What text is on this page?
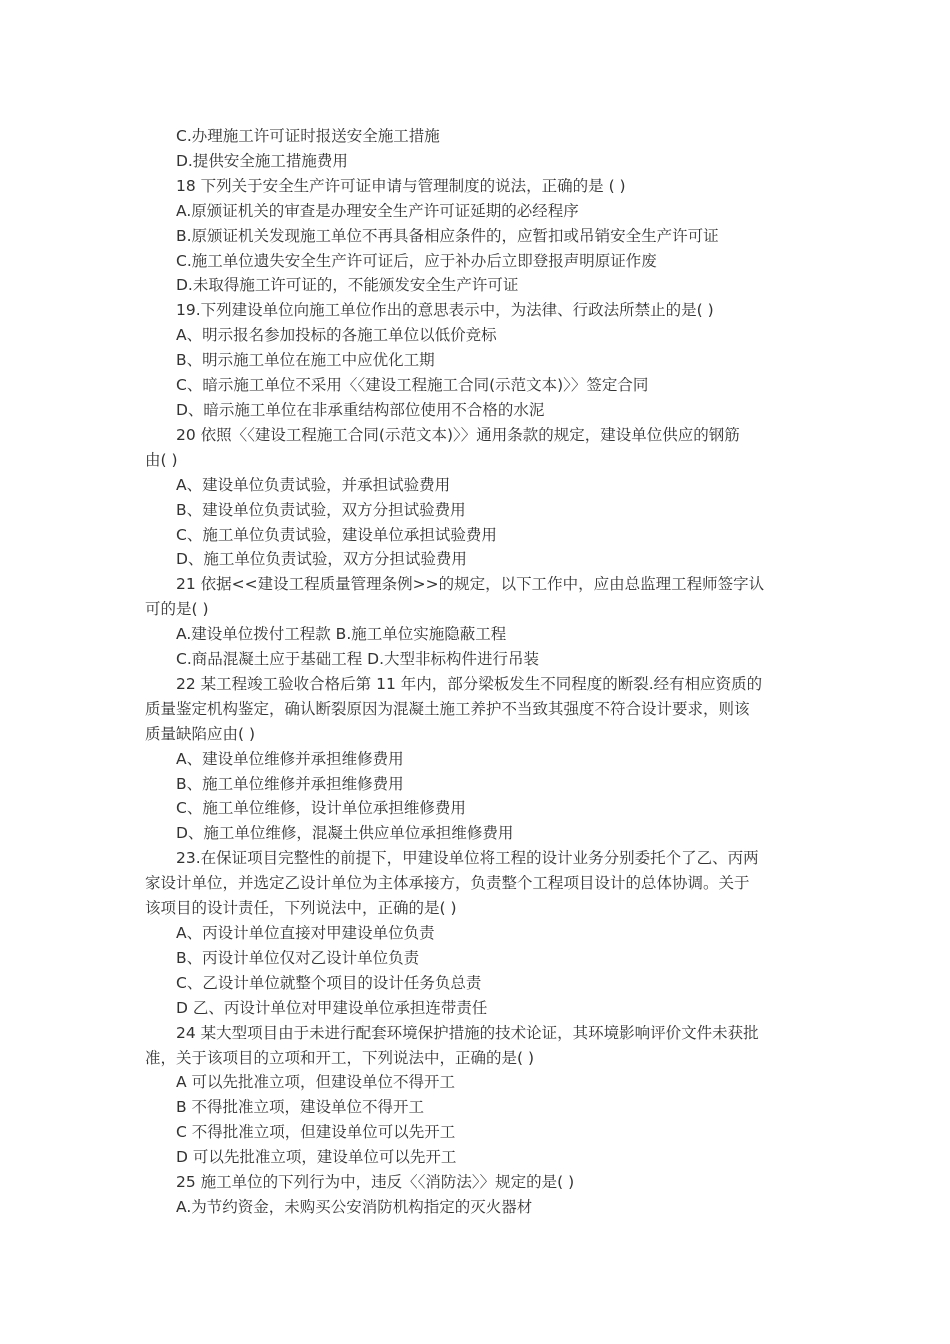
C.办理施工许可证时报送安全施工措施
D.提供安全施工措施费用
18 下列关于安全生产许可证申请与管理制度的说法，正确的是 ( )
A.原颁证机关的审查是办理安全生产许可证延期的必经程序
B.原颁证机关发现施工单位不再具备相应条件的，应暂扣或吊销安全生产许可证
C.施工单位遗失安全生产许可证后，应于补办后立即登报声明原证作废
D.未取得施工许可证的，不能颁发安全生产许可证
19.下列建设单位向施工单位作出的意思表示中，为法律、行政法所禁止的是( )
A、明示报名参加投标的各施工单位以低价竞标
B、明示施工单位在施工中应优化工期
C、暗示施工单位不采用〈〈建设工程施工合同(示范文本)〉〉签定合同
D、暗示施工单位在非承重结构部位使用不合格的水泥
20 依照〈〈建设工程施工合同(示范文本)〉〉通用条款的规定，建设单位供应的钢筋
由( )
A、建设单位负责试验，并承担试验费用
B、建设单位负责试验，双方分担试验费用
C、施工单位负责试验，建设单位承担试验费用
D、施工单位负责试验，双方分担试验费用
21 依据<<建设工程质量管理条例>>的规定，以下工作中，应由总监理工程师签字认
可的是( )
A.建设单位拨付工程款 B.施工单位实施隐蔽工程
C.商品混凝土应于基础工程 D.大型非标构件进行吊装
22 某工程竣工验收合格后第 11 年内，部分梁板发生不同程度的断裂.经有相应资质的
质量鉴定机构鉴定，确认断裂原因为混凝土施工养护不当致其强度不符合设计要求，则该
质量缺陷应由( )
A、建设单位维修并承担维修费用
B、施工单位维修并承担维修费用
C、施工单位维修，设计单位承担维修费用
D、施工单位维修，混凝土供应单位承担维修费用
23.在保证项目完整性的前提下，甲建设单位将工程的设计业务分别委托个了乙、丙两
家设计单位，并选定乙设计单位为主体承接方，负责整个工程项目设计的总体协调。关于
该项目的设计责任，下列说法中，正确的是( )
A、丙设计单位直接对甲建设单位负责
B、丙设计单位仅对乙设计单位负责
C、乙设计单位就整个项目的设计任务负总责
D 乙、丙设计单位对甲建设单位承担连带责任
24 某大型项目由于未进行配套环境保护措施的技术论证，其环境影响评价文件未获批
准，关于该项目的立项和开工，下列说法中，正确的是( )
A 可以先批准立项，但建设单位不得开工
B 不得批准立项，建设单位不得开工
C 不得批准立项，但建设单位可以先开工
D 可以先批准立项，建设单位可以先开工
25 施工单位的下列行为中，违反〈〈消防法〉〉规定的是( )
A.为节约资金，未购买公安消防机构指定的灭火器材
